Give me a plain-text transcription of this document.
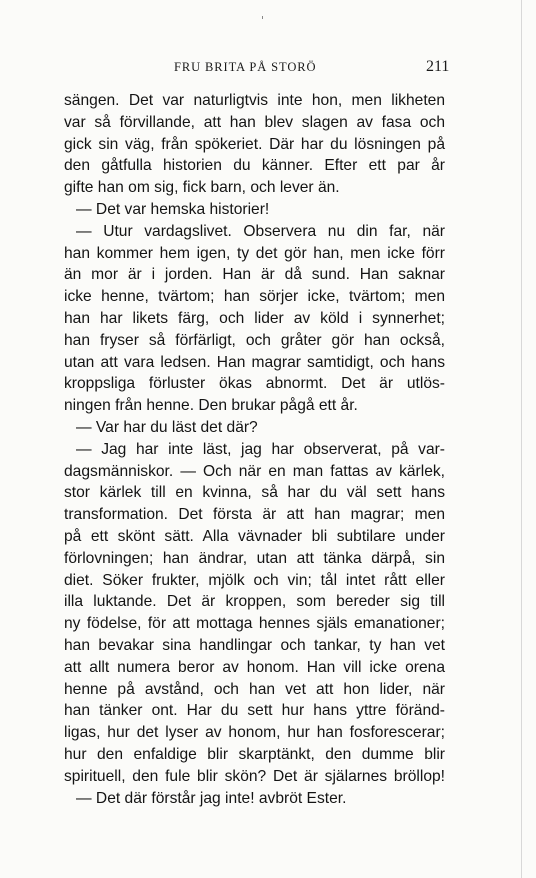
FRU BRITA PÅ STORÖ	211
sängen. Det var naturligtvis inte hon, men likheten
var så förvillande, att han blev slagen av fasa och
gick sin väg, från spökeriet. Där har du lösningen på
den gåtfulla historien du känner. Efter ett par år
gifte han om sig, fick barn, och lever än.
— Det var hemska historier!
— Utur vardagslivet. Observera nu din far, när
han kommer hem igen, ty det gör han, men icke förr
än mor är i jorden. Han är då sund. Han saknar
icke henne, tvärtom; han sörjer icke, tvärtom; men
han har likets färg, och lider av köld i synnerhet;
han fryser så förfärligt, och gråter gör han också,
utan att vara ledsen. Han magrar samtidigt, och hans
kroppsliga förluster ökas abnormt. Det är utlös-
ningen från henne. Den brukar pågå ett år.
— Var har du läst det där?
— Jag har inte läst, jag har observerat, på var-
dagsmänniskor. — Och när en man fattas av kärlek,
stor kärlek till en kvinna, så har du väl sett hans
transformation. Det första är att han magrar; men
på ett skönt sätt. Alla vävnader bli subtilare under
förlovningen; han ändrar, utan att tänka därpå, sin
diet. Söker frukter, mjölk och vin; tål intet rått eller
illa luktande. Det är kroppen, som bereder sig till
ny födelse, för att mottaga hennes själs emanationer;
han bevakar sina handlingar och tankar, ty han vet
att allt numera beror av honom. Han vill icke orena
henne på avstånd, och han vet att hon lider, när
han tänker ont. Har du sett hur hans yttre föränd-
ligas, hur det lyser av honom, hur han fosforescerar;
hur den enfaldige blir skarptänkt, den dumme blir
spirituell, den fule blir skön? Det är själarnes bröllop!
— Det där förstår jag inte! avbröt Ester.
